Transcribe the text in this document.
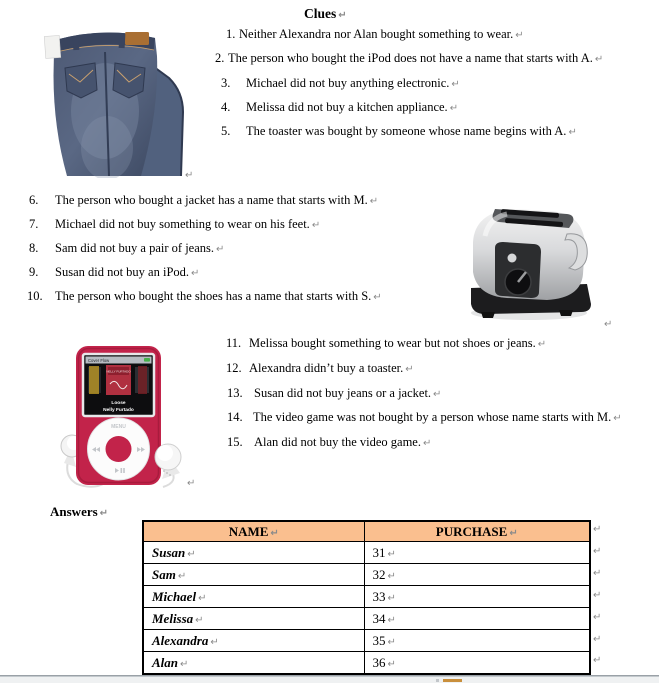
Clues ↵
1. Neither Alexandra nor Alan bought something to wear. ↵
2. The person who bought the iPod does not have a name that starts with A. ↵
3. Michael did not buy anything electronic. ↵
4. Melissa did not buy a kitchen appliance. ↵
5. The toaster was bought by someone whose name begins with A. ↵
↵
6. The person who bought a jacket has a name that starts with M. ↵
7. Michael did not buy something to wear on his feet. ↵
8. Sam did not buy a pair of jeans. ↵
9. Susan did not buy an iPod. ↵
10. The person who bought the shoes has a name that starts with S. ↵
11. Melissa bought something to wear but not shoes or jeans. ↵
12. Alexandra didn’t buy a toaster. ↵
13. Susan did not buy jeans or a jacket. ↵
14. The video game was not bought by a person whose name starts with M. ↵
15. Alan did not buy the video game. ↵
↵
Cover Flow
NELLY FURTADO
Loose
Nelly Furtado
MENU
↵
Answers ↵
NAME ↵	PURCHASE ↵
Susan ↵	31 ↵
Sam ↵	32 ↵
Michael ↵	33 ↵
Melissa ↵	34 ↵
Alexandra ↵	35 ↵
Alan ↵	36 ↵
↵
↵
↵
↵
↵
↵
↵
